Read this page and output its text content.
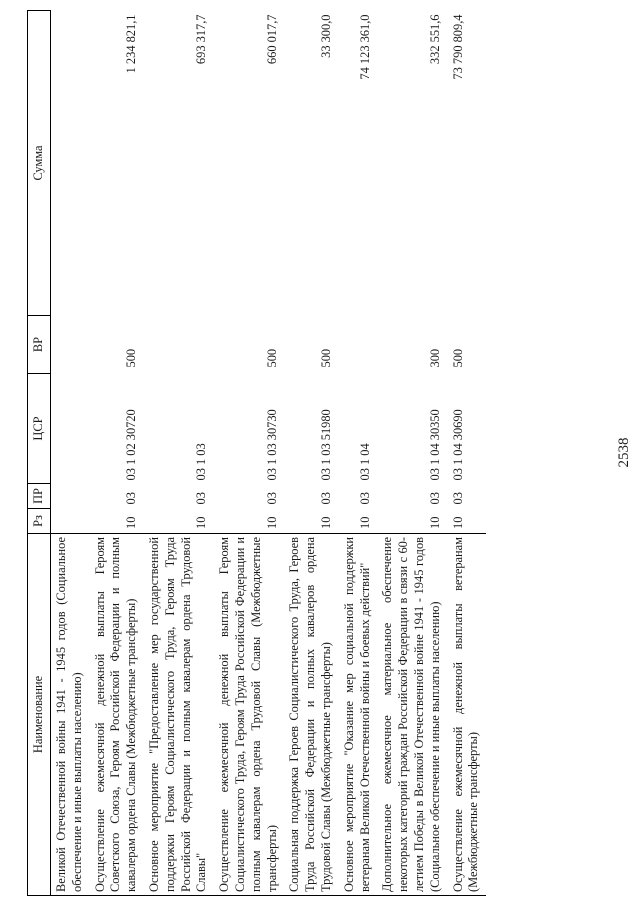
Наименование	Рз	ПР	ЦСР	ВР	Сумма
Великой Отечественной войны 1941 - 1945 годов (Социальное обеспечение и иные выплаты населению)					
Осуществление ежемесячной денежной выплаты Героям Советского Союза, Героям Российской Федерации и полным кавалерам ордена Славы (Межбюджетные трансферты)	10	03	03 1 02 30720	500	1 234 821,1
Основное мероприятие "Предоставление мер государственной поддержки Героям Социалистического Труда, Героям Труда Российской Федерации и полным кавалерам ордена Трудовой Славы"	10	03	03 1 03		693 317,7
Осуществление ежемесячной денежной выплаты Героям Социалистического Труда, Героям Труда Российской Федерации и полным кавалерам ордена Трудовой Славы (Межбюджетные трансферты)	10	03	03 1 03 30730	500	660 017,7
Социальная поддержка Героев Социалистического Труда, Героев Труда Российской Федерации и полных кавалеров ордена Трудовой Славы (Межбюджетные трансферты)	10	03	03 1 03 51980	500	33 300,0
Основное мероприятие "Оказание мер социальной поддержки ветеранам Великой Отечественной войны и боевых действий"	10	03	03 1 04		74 123 361,0
Дополнительное ежемесячное материальное обеспечение некоторых категорий граждан Российской Федерации в связи с 60-летием Победы в Великой Отечественной войне 1941 - 1945 годов (Социальное обеспечение и иные выплаты населению)	10	03	03 1 04 30350	300	332 551,6
Осуществление ежемесячной денежной выплаты ветеранам (Межбюджетные трансферты)	10	03	03 1 04 30690	500	73 790 809,4
2538
